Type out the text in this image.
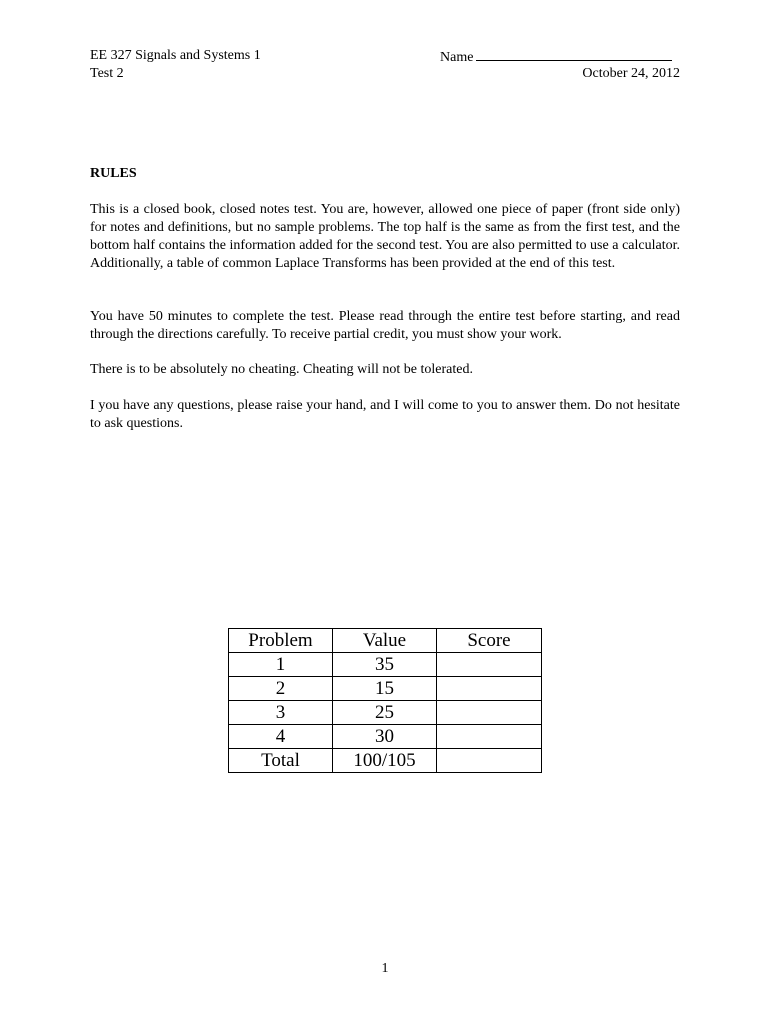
EE 327 Signals and Systems 1
Test 2
Name
October 24, 2012
RULES

This is a closed book, closed notes test. You are, however, allowed one piece of paper (front side only) for notes and definitions, but no sample problems. The top half is the same as from the first test, and the bottom half contains the information added for the second test. You are also permitted to use a calculator. Additionally, a table of common Laplace Transforms has been provided at the end of this test.

You have 50 minutes to complete the test. Please read through the entire test before starting, and read through the directions carefully. To receive partial credit, you must show your work.

There is to be absolutely no cheating. Cheating will not be tolerated.

I you have any questions, please raise your hand, and I will come to you to answer them. Do not hesitate to ask questions.

Problem	Value	Score
1	35	
2	15	
3	25	
4	30	
Total	100/105	
1
